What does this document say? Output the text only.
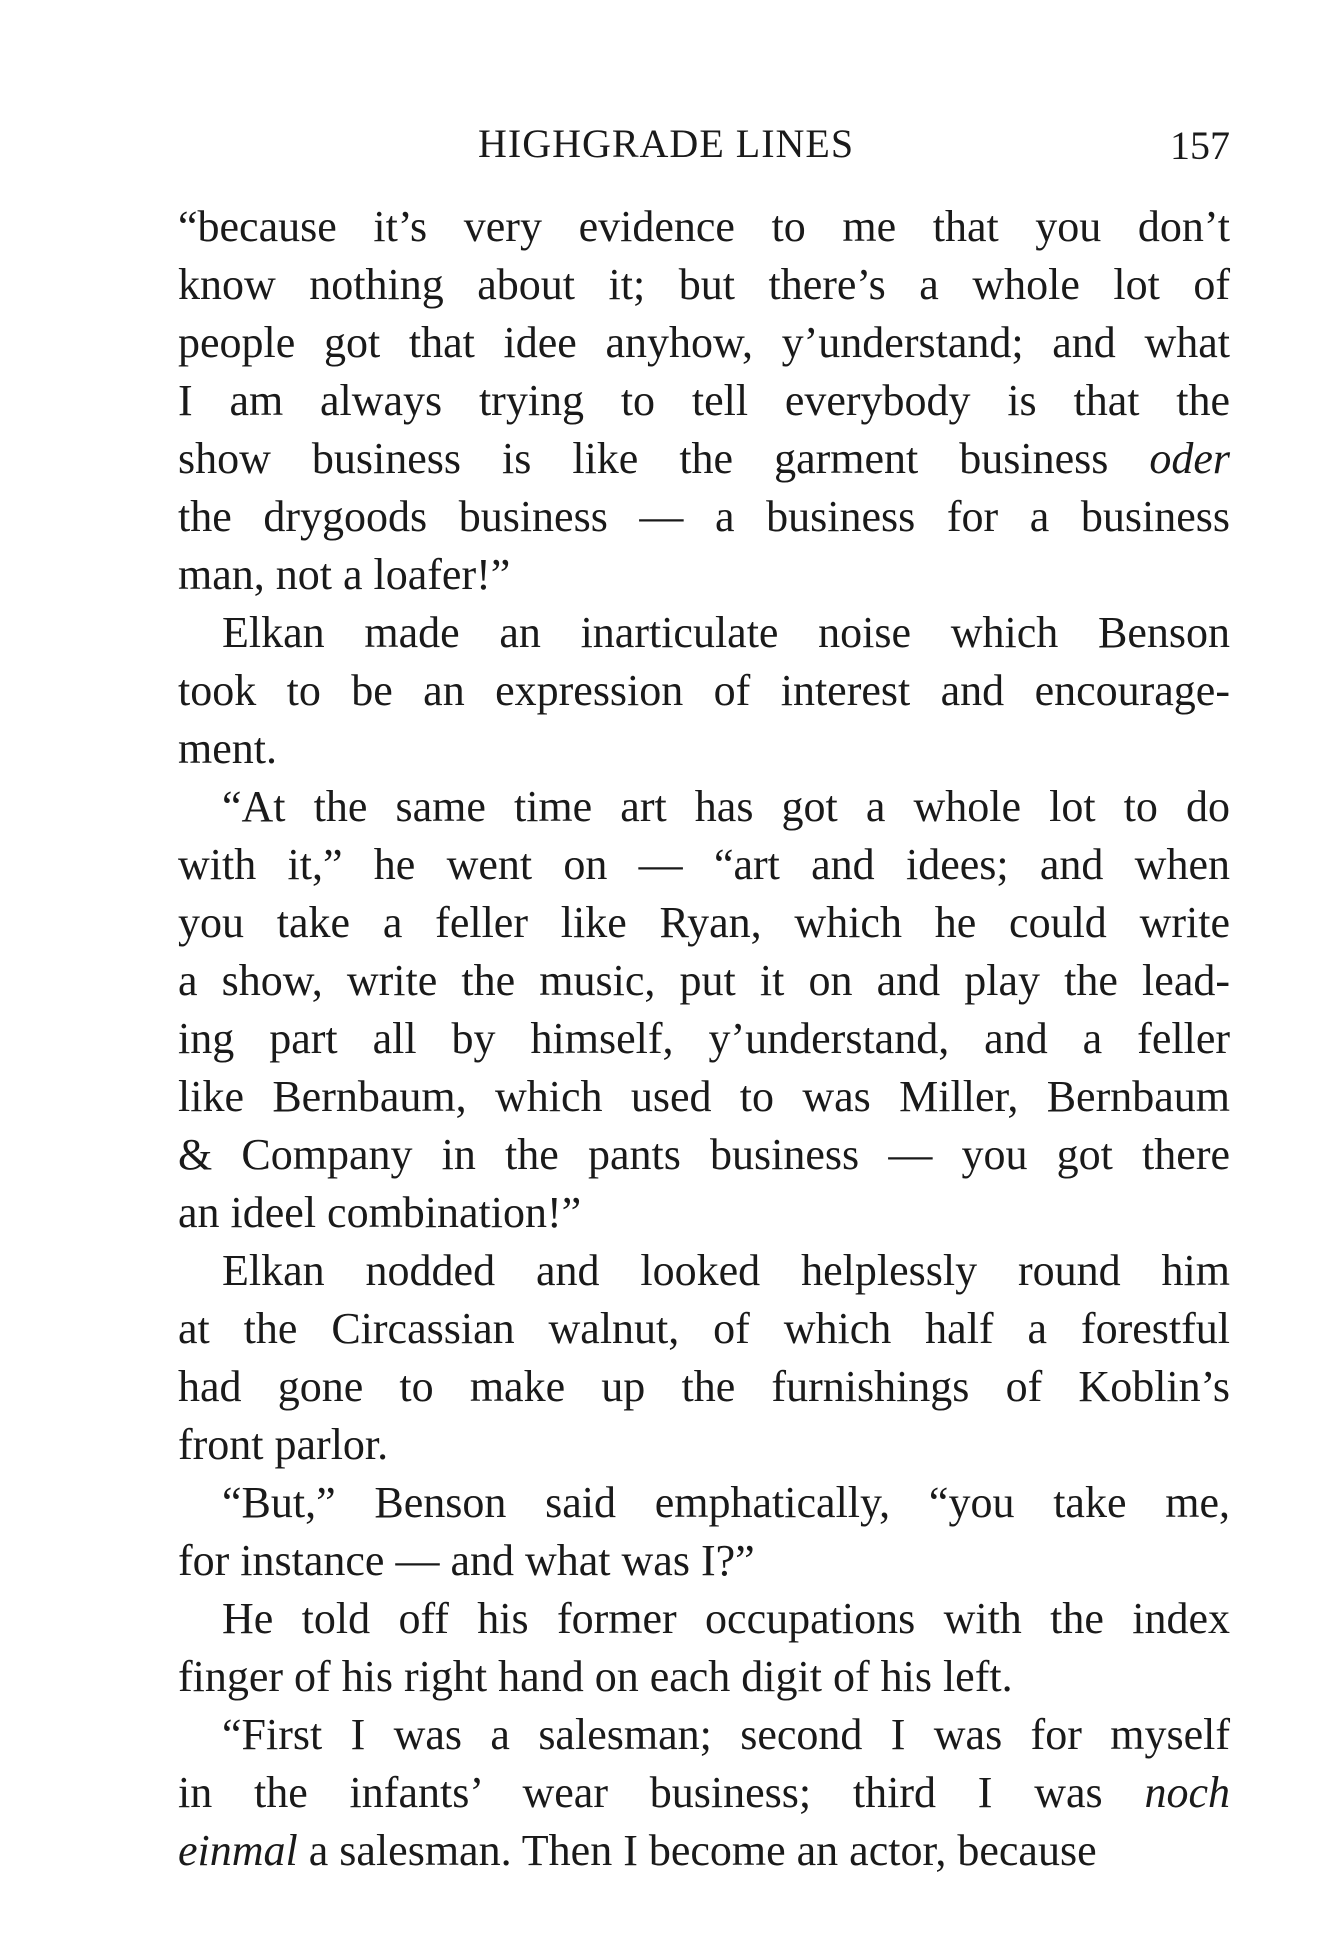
HIGHGRADE LINES	157
“because it’s very evidence to me that you don’t
know nothing about it; but there’s a whole lot of
people got that idee anyhow, y’understand; and what
I am always trying to tell everybody is that the
show business is like the garment business oder
the drygoods business — a business for a business
man, not a loafer!”
Elkan made an inarticulate noise which Benson
took to be an expression of interest and encourage-
ment.
“At the same time art has got a whole lot to do
with it,” he went on — “art and idees; and when
you take a feller like Ryan, which he could write
a show, write the music, put it on and play the lead-
ing part all by himself, y’understand, and a feller
like Bernbaum, which used to was Miller, Bernbaum
& Company in the pants business — you got there
an ideel combination!”
Elkan nodded and looked helplessly round him
at the Circassian walnut, of which half a forestful
had gone to make up the furnishings of Koblin’s
front parlor.
“But,” Benson said emphatically, “you take me,
for instance — and what was I?”
He told off his former occupations with the index
finger of his right hand on each digit of his left.
“First I was a salesman; second I was for myself
in the infants’ wear business; third I was noch
einmal a salesman. Then I become an actor, because
